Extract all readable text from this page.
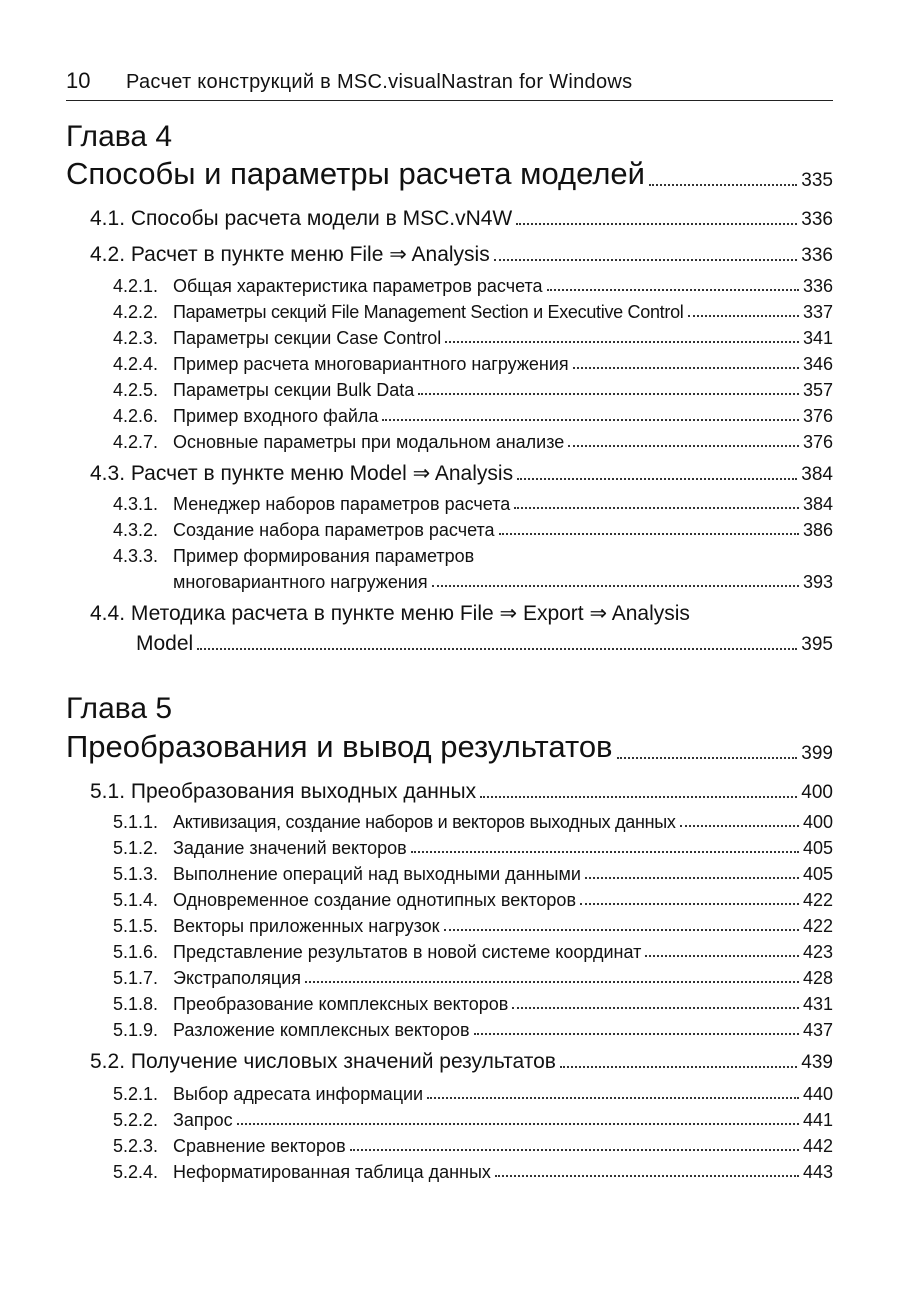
10 Расчет конструкций в MSC.visualNastran for Windows
Глава 4
Способы и параметры расчета моделей	335
4.1. Способы расчета модели в MSC.vN4W	336
4.2. Расчет в пункте меню File ⇒ Analysis	336
4.2.1. Общая характеристика параметров расчета	336
4.2.2. Параметры секций File Management Section и Executive Control	337
4.2.3. Параметры секции Case Control	341
4.2.4. Пример расчета многовариантного нагружения	346
4.2.5. Параметры секции Bulk Data	357
4.2.6. Пример входного файла	376
4.2.7. Основные параметры при модальном анализе	376
4.3. Расчет в пункте меню Model ⇒ Analysis	384
4.3.1. Менеджер наборов параметров расчета	384
4.3.2. Создание набора параметров расчета	386
4.3.3. Пример формирования параметров
многовариантного нагружения	393
4.4. Методика расчета в пункте меню File ⇒ Export ⇒ Analysis
Model	395
Глава 5
Преобразования и вывод результатов	399
5.1. Преобразования выходных данных	400
5.1.1. Активизация, создание наборов и векторов выходных данных	400
5.1.2. Задание значений векторов	405
5.1.3. Выполнение операций над выходными данными	405
5.1.4. Одновременное создание однотипных векторов	422
5.1.5. Векторы приложенных нагрузок	422
5.1.6. Представление результатов в новой системе координат	423
5.1.7. Экстраполяция	428
5.1.8. Преобразование комплексных векторов	431
5.1.9. Разложение комплексных векторов	437
5.2. Получение числовых значений результатов	439
5.2.1. Выбор адресата информации	440
5.2.2. Запрос	441
5.2.3. Сравнение векторов	442
5.2.4. Неформатированная таблица данных	443
